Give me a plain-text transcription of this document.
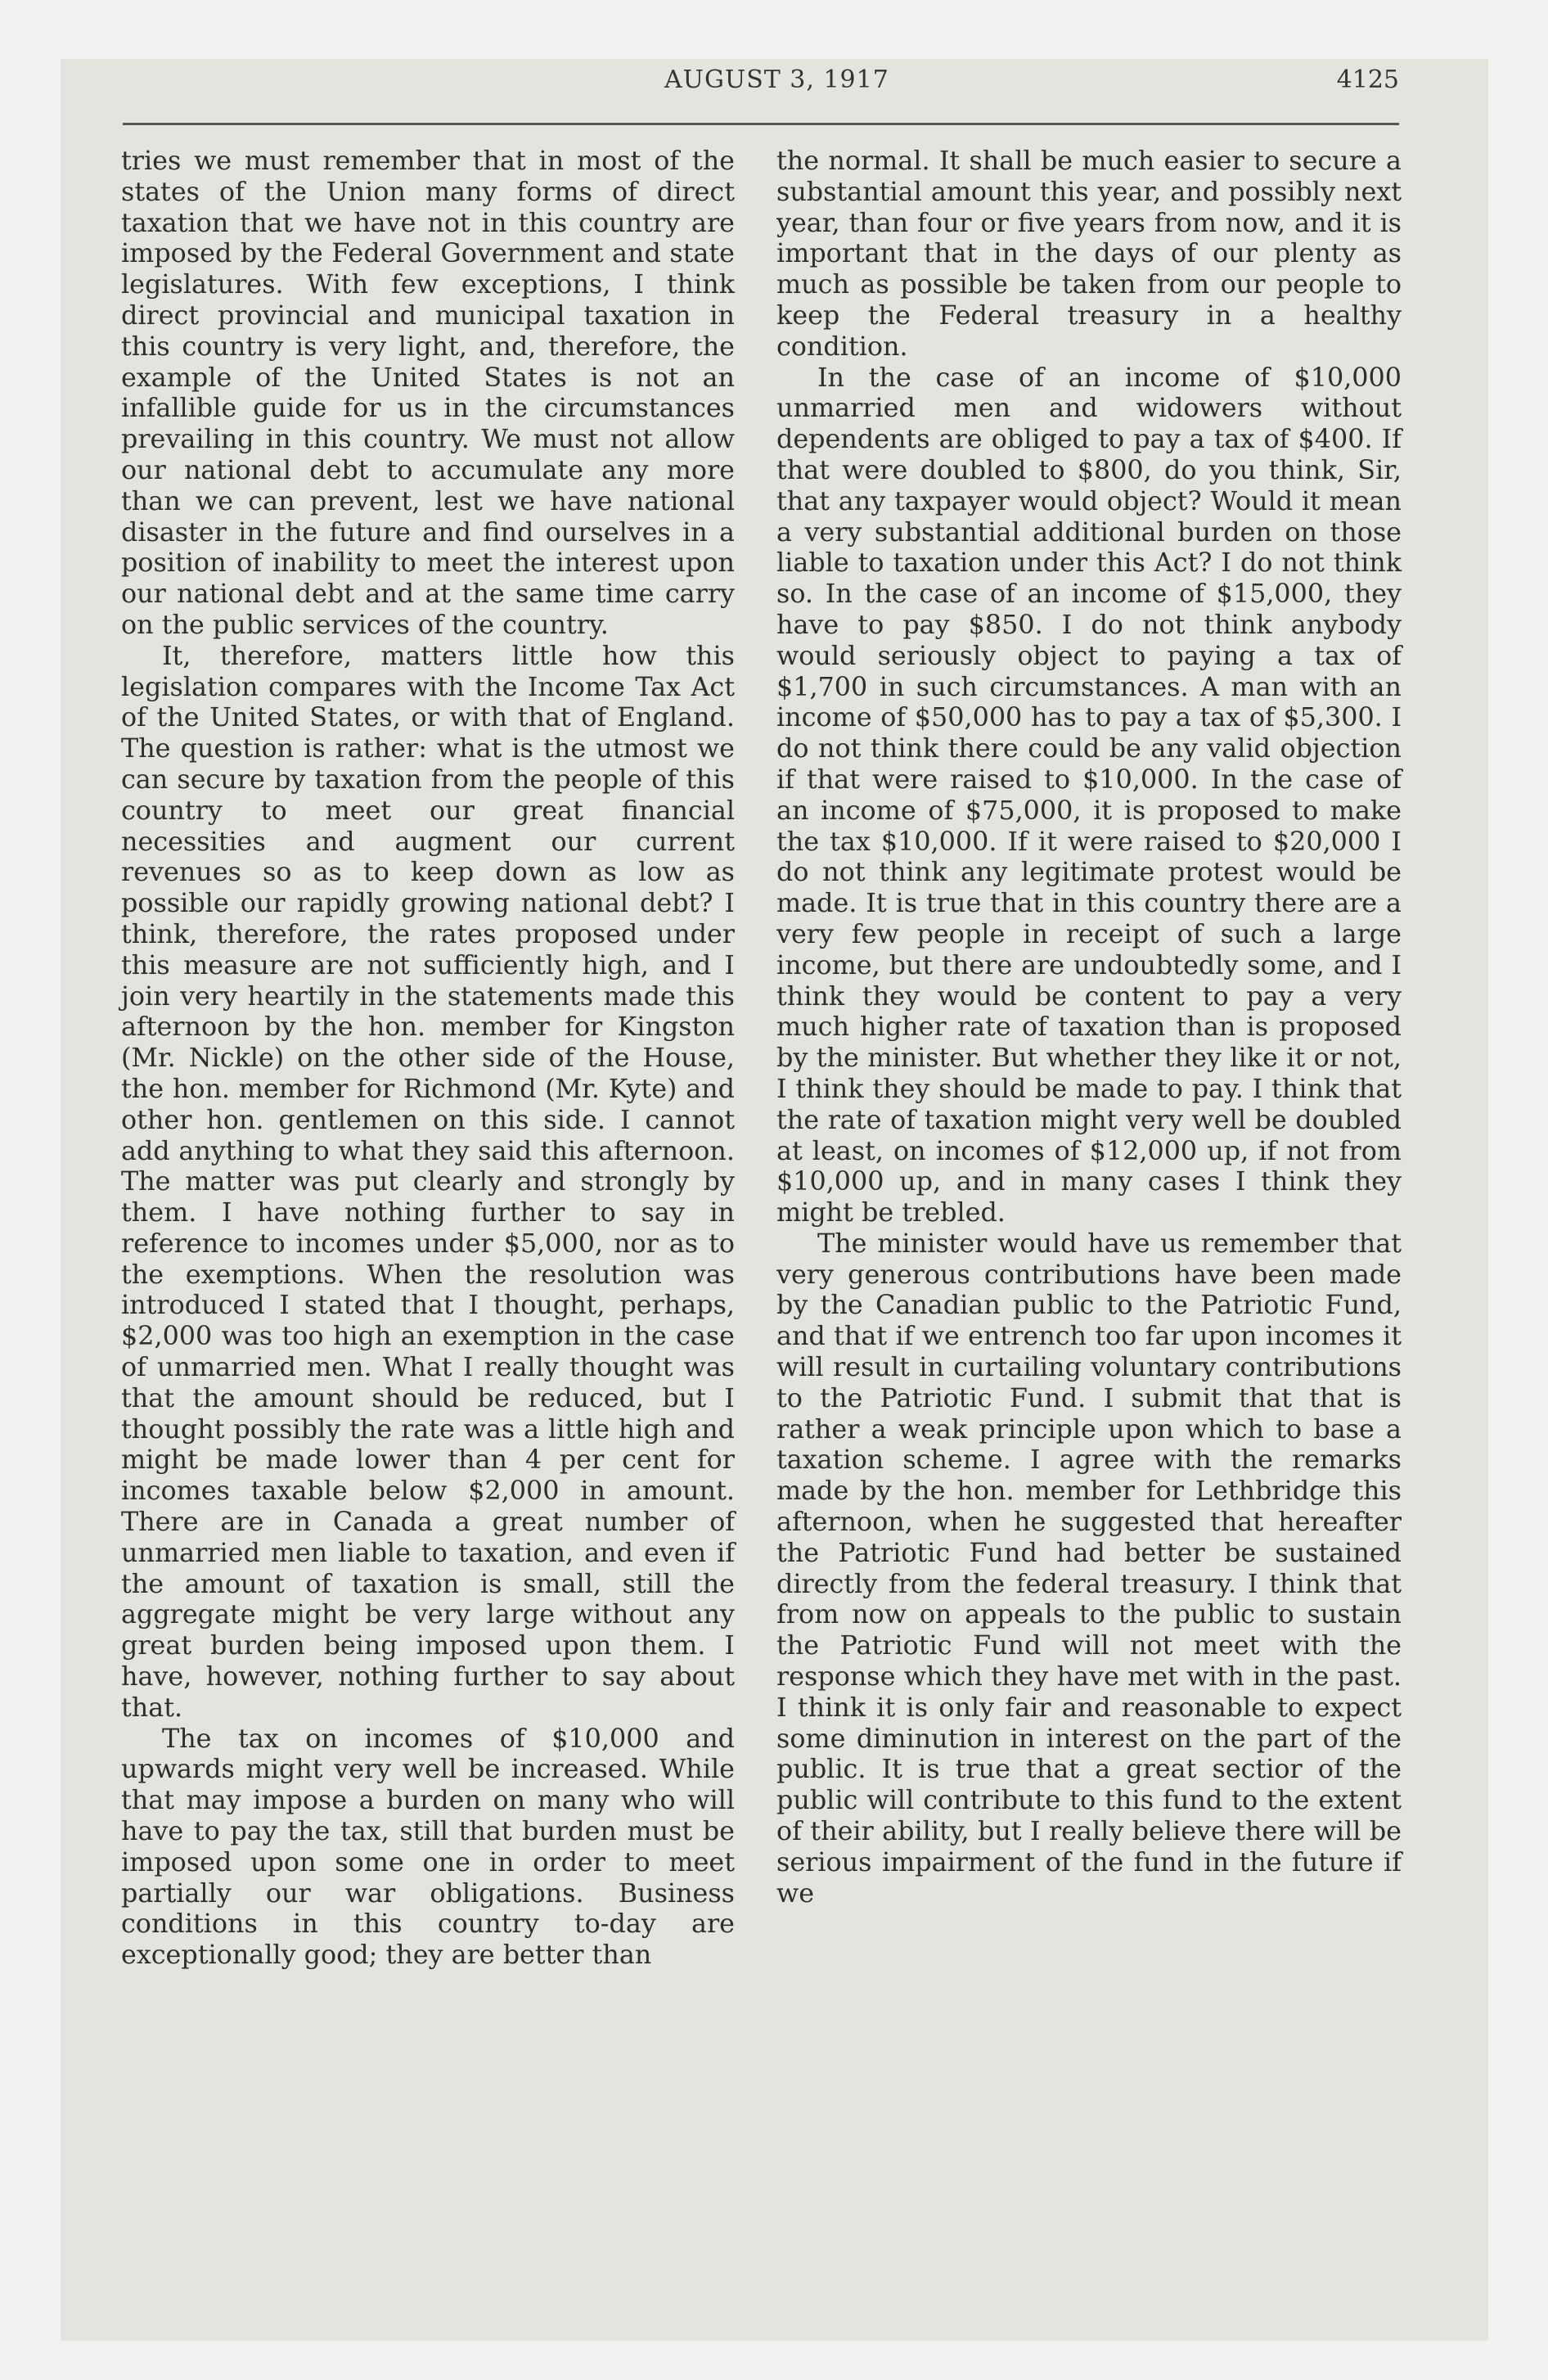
AUGUST 3, 1917	4125

tries we must remember that in most of the states of the Union many forms of direct taxation that we have not in this country are imposed by the Federal Government and state legislatures. With few exceptions, I think direct provincial and municipal taxation in this country is very light, and, therefore, the example of the United States is not an infallible guide for us in the circumstances prevailing in this country. We must not allow our national debt to accumulate any more than we can prevent, lest we have national disaster in the future and find ourselves in a position of inability to meet the interest upon our national debt and at the same time carry on the public services of the country.

It, therefore, matters little how this legislation compares with the Income Tax Act of the United States, or with that of England. The question is rather: what is the utmost we can secure by taxation from the people of this country to meet our great financial necessities and augment our current revenues so as to keep down as low as possible our rapidly growing national debt? I think, therefore, the rates proposed under this measure are not sufficiently high, and I join very heartily in the statements made this afternoon by the hon. member for Kingston (Mr. Nickle) on the other side of the House, the hon. member for Richmond (Mr. Kyte) and other hon. gentlemen on this side. I cannot add anything to what they said this afternoon. The matter was put clearly and strongly by them. I have nothing further to say in reference to incomes under $5,000, nor as to the exemptions. When the resolution was introduced I stated that I thought, perhaps, $2,000 was too high an exemption in the case of unmarried men. What I really thought was that the amount should be reduced, but I thought possibly the rate was a little high and might be made lower than 4 per cent for incomes taxable below $2,000 in amount. There are in Canada a great number of unmarried men liable to taxation, and even if the amount of taxation is small, still the aggregate might be very large without any great burden being imposed upon them. I have, however, nothing further to say about that.

The tax on incomes of $10,000 and upwards might very well be increased. While that may impose a burden on many who will have to pay the tax, still that burden must be imposed upon some one in order to meet partially our war obligations. Business conditions in this country to-day are exceptionally good; they are better than

the normal. It shall be much easier to secure a substantial amount this year, and possibly next year, than four or five years from now, and it is important that in the days of our plenty as much as possible be taken from our people to keep the Federal treasury in a healthy condition.

In the case of an income of $10,000 unmarried men and widowers without dependents are obliged to pay a tax of $400. If that were doubled to $800, do you think, Sir, that any taxpayer would object? Would it mean a very substantial additional burden on those liable to taxation under this Act? I do not think so. In the case of an income of $15,000, they have to pay $850. I do not think anybody would seriously object to paying a tax of $1,700 in such circumstances. A man with an income of $50,000 has to pay a tax of $5,300. I do not think there could be any valid objection if that were raised to $10,000. In the case of an income of $75,000, it is proposed to make the tax $10,000. If it were raised to $20,000 I do not think any legitimate protest would be made. It is true that in this country there are a very few people in receipt of such a large income, but there are undoubtedly some, and I think they would be content to pay a very much higher rate of taxation than is proposed by the minister. But whether they like it or not, I think they should be made to pay. I think that the rate of taxation might very well be doubled at least, on incomes of $12,000 up, if not from $10,000 up, and in many cases I think they might be trebled.

The minister would have us remember that very generous contributions have been made by the Canadian public to the Patriotic Fund, and that if we entrench too far upon incomes it will result in curtailing voluntary contributions to the Patriotic Fund. I submit that that is rather a weak principle upon which to base a taxation scheme. I agree with the remarks made by the hon. member for Lethbridge this afternoon, when he suggested that hereafter the Patriotic Fund had better be sustained directly from the federal treasury. I think that from now on appeals to the public to sustain the Patriotic Fund will not meet with the response which they have met with in the past. I think it is only fair and reasonable to expect some diminution in interest on the part of the public. It is true that a great sectior of the public will contribute to this fund to the extent of their ability, but I really believe there will be serious impairment of the fund in the future if we
